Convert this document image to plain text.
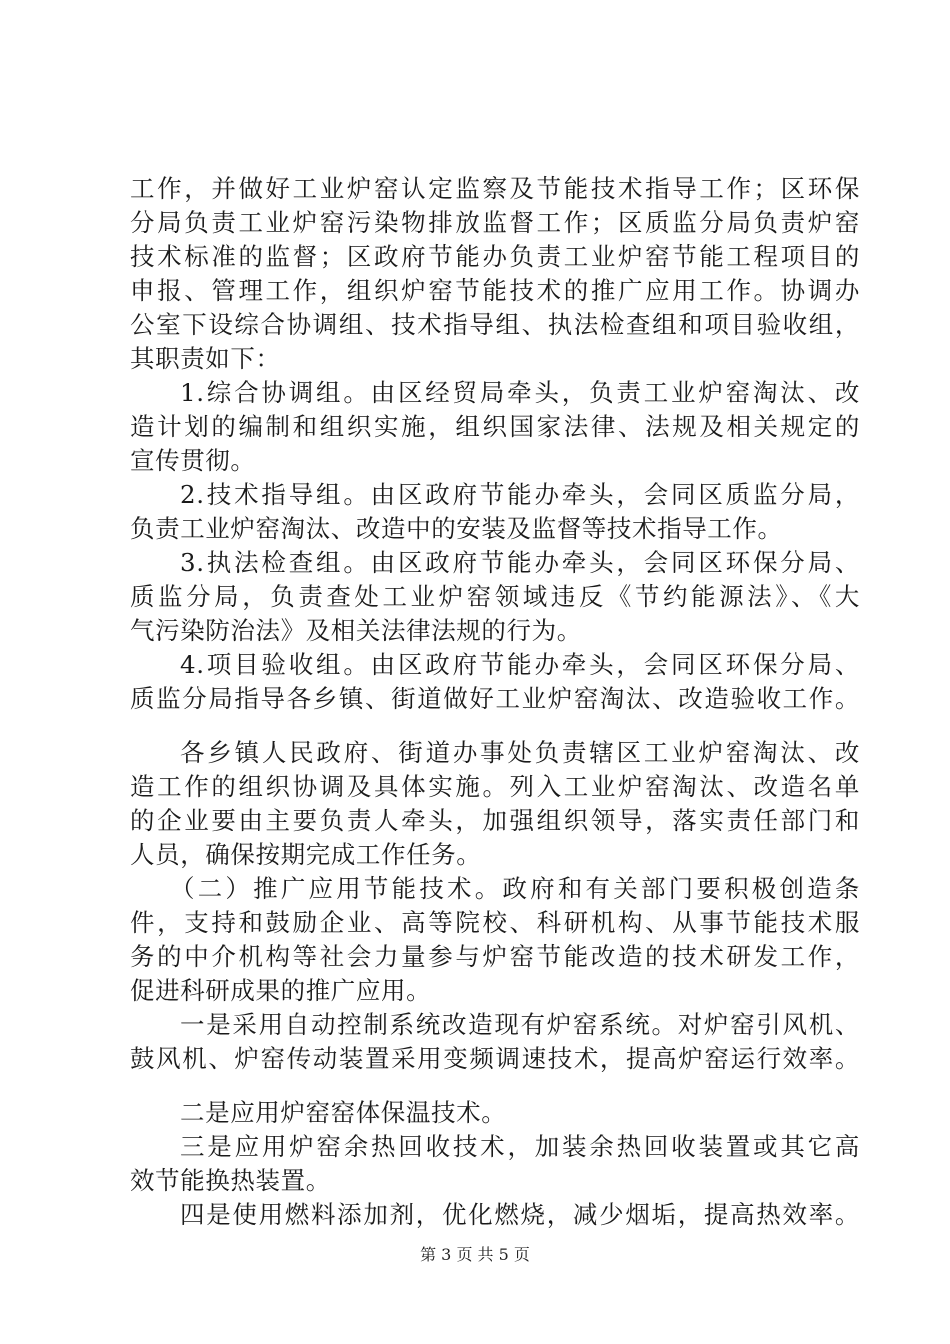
工作，并做好工业炉窑认定监察及节能技术指导工作；区环保
分局负责工业炉窑污染物排放监督工作；区质监分局负责炉窑
技术标准的监督；区政府节能办负责工业炉窑节能工程项目的
申报、管理工作，组织炉窑节能技术的推广应用工作。协调办
公室下设综合协调组、技术指导组、执法检查组和项目验收组，
其职责如下：
1.综合协调组。由区经贸局牵头，负责工业炉窑淘汰、改
造计划的编制和组织实施，组织国家法律、法规及相关规定的
宣传贯彻。
2.技术指导组。由区政府节能办牵头，会同区质监分局，
负责工业炉窑淘汰、改造中的安装及监督等技术指导工作。
3.执法检查组。由区政府节能办牵头，会同区环保分局、
质监分局，负责查处工业炉窑领域违反《节约能源法》、《大
气污染防治法》及相关法律法规的行为。
4.项目验收组。由区政府节能办牵头，会同区环保分局、
质监分局指导各乡镇、街道做好工业炉窑淘汰、改造验收工作。
各乡镇人民政府、街道办事处负责辖区工业炉窑淘汰、改
造工作的组织协调及具体实施。列入工业炉窑淘汰、改造名单
的企业要由主要负责人牵头，加强组织领导，落实责任部门和
人员，确保按期完成工作任务。
（二）推广应用节能技术。政府和有关部门要积极创造条
件，支持和鼓励企业、高等院校、科研机构、从事节能技术服
务的中介机构等社会力量参与炉窑节能改造的技术研发工作，
促进科研成果的推广应用。
一是采用自动控制系统改造现有炉窑系统。对炉窑引风机、
鼓风机、炉窑传动装置采用变频调速技术，提高炉窑运行效率。
二是应用炉窑窑体保温技术。
三是应用炉窑余热回收技术，加装余热回收装置或其它高
效节能换热装置。
四是使用燃料添加剂，优化燃烧，减少烟垢，提高热效率。
第 3 页 共 5 页
